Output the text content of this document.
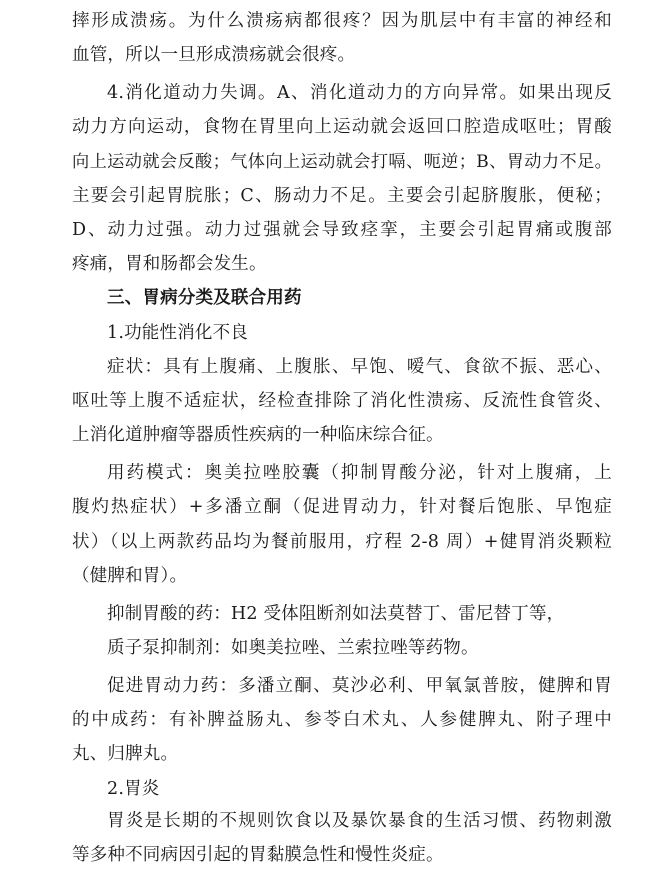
摔形成溃疡。为什么溃疡病都很疼？因为肌层中有丰富的神经和
血管，所以一旦形成溃疡就会很疼。
4.消化道动力失调。A、消化道动力的方向异常。如果出现反
动力方向运动，食物在胃里向上运动就会返回口腔造成呕吐；胃酸
向上运动就会反酸；气体向上运动就会打嗝、呃逆；B、胃动力不足。
主要会引起胃脘胀；C、肠动力不足。主要会引起脐腹胀，便秘；
D、动力过强。动力过强就会导致痉挛，主要会引起胃痛或腹部
疼痛，胃和肠都会发生。
三、胃病分类及联合用药
1.功能性消化不良
症状：具有上腹痛、上腹胀、早饱、嗳气、食欲不振、恶心、
呕吐等上腹不适症状，经检查排除了消化性溃疡、反流性食管炎、
上消化道肿瘤等器质性疾病的一种临床综合征。
用药模式：奥美拉唑胶囊（抑制胃酸分泌，针对上腹痛，上
腹灼热症状）+多潘立酮（促进胃动力，针对餐后饱胀、早饱症
状）（以上两款药品均为餐前服用，疗程 2-8 周）+健胃消炎颗粒
（健脾和胃）。
抑制胃酸的药：H2 受体阻断剂如法莫替丁、雷尼替丁等，
质子泵抑制剂：如奥美拉唑、兰索拉唑等药物。
促进胃动力药：多潘立酮、莫沙必利、甲氧氯普胺，健脾和胃
的中成药：有补脾益肠丸、参苓白术丸、人参健脾丸、附子理中
丸、归脾丸。
2.胃炎
胃炎是长期的不规则饮食以及暴饮暴食的生活习惯、药物刺激
等多种不同病因引起的胃黏膜急性和慢性炎症。
